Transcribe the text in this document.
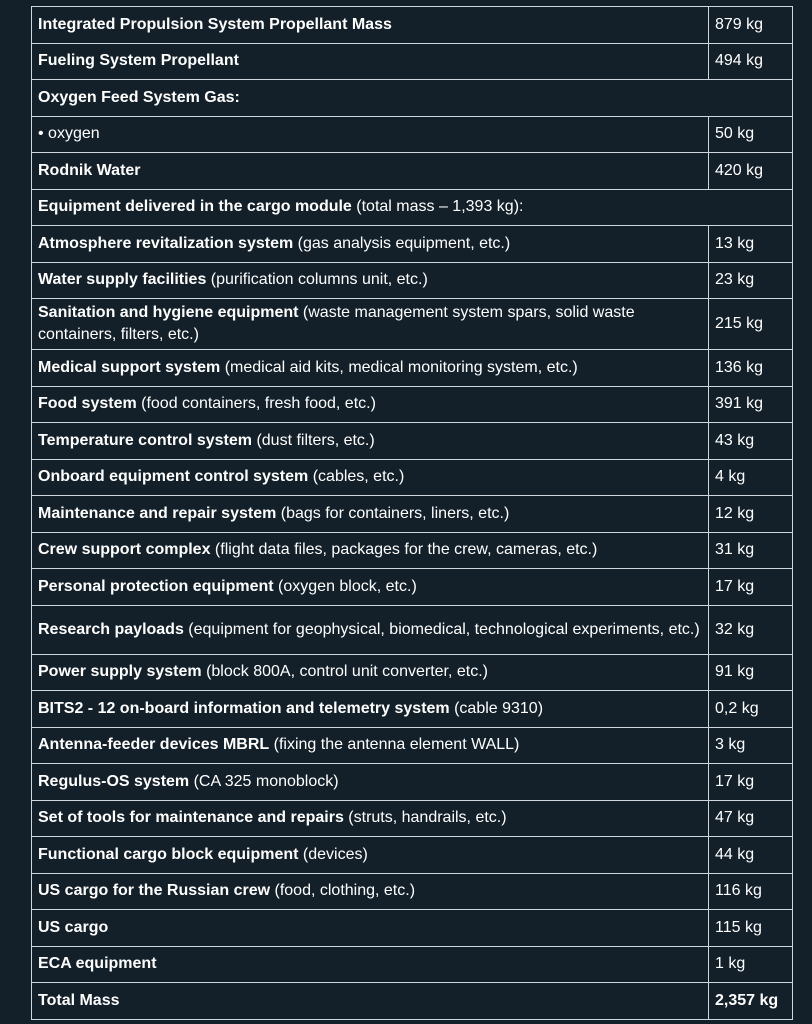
Integrated Propulsion System Propellant Mass	879 kg
Fueling System Propellant	494 kg
Oxygen Feed System Gas:	
• oxygen	50 kg
Rodnik Water	420 kg
Equipment delivered in the cargo module (total mass – 1,393 kg):	
Atmosphere revitalization system (gas analysis equipment, etc.)	13 kg
Water supply facilities (purification columns unit, etc.)	23 kg
Sanitation and hygiene equipment (waste management system spars, solid waste containers, filters, etc.)	215 kg
Medical support system (medical aid kits, medical monitoring system, etc.)	136 kg
Food system (food containers, fresh food, etc.)	391 kg
Temperature control system (dust filters, etc.)	43 kg
Onboard equipment control system (cables, etc.)	4 kg
Maintenance and repair system (bags for containers, liners, etc.)	12 kg
Crew support complex (flight data files, packages for the crew, cameras, etc.)	31 kg
Personal protection equipment (oxygen block, etc.)	17 kg
Research payloads (equipment for geophysical, biomedical, technological experiments, etc.)	32 kg
Power supply system (block 800A, control unit converter, etc.)	91 kg
BITS2 - 12 on-board information and telemetry system (cable 9310)	0,2 kg
Antenna-feeder devices MBRL (fixing the antenna element WALL)	3 kg
Regulus-OS system (CA 325 monoblock)	17 kg
Set of tools for maintenance and repairs (struts, handrails, etc.)	47 kg
Functional cargo block equipment (devices)	44 kg
US cargo for the Russian crew (food, clothing, etc.)	116 kg
US cargo	115 kg
ECA equipment	1 kg
Total Mass	2,357 kg
